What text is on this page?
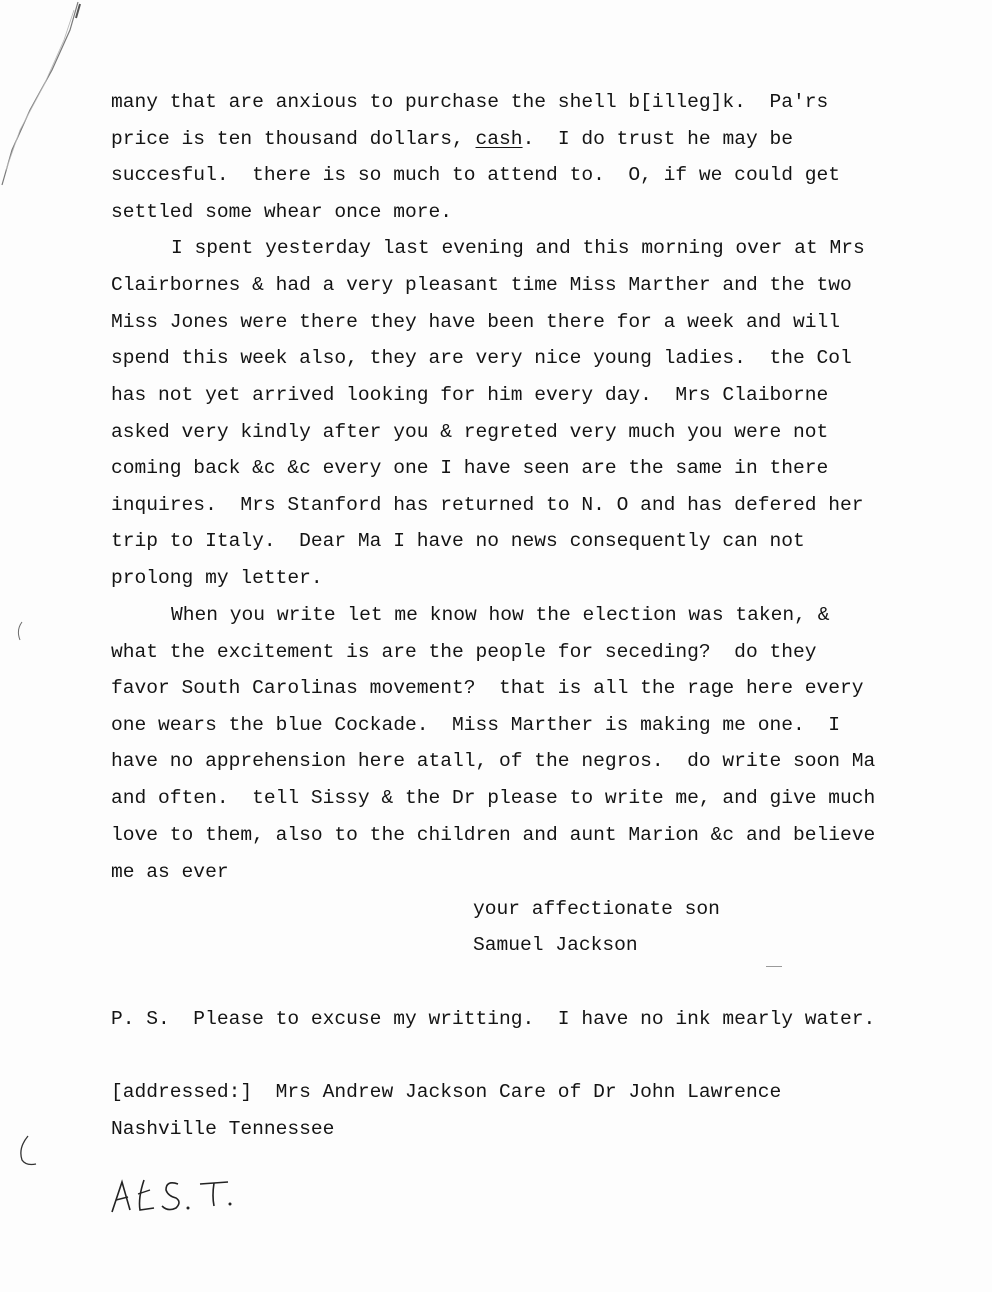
many that are anxious to purchase the shell b[illeg]k.  Pa'rs
price is ten thousand dollars, cash.  I do trust he may be
succesful.  there is so much to attend to.  O, if we could get
settled some whear once more.
I spent yesterday last evening and this morning over at Mrs
Clairbornes & had a very pleasant time Miss Marther and the two
Miss Jones were there they have been there for a week and will
spend this week also, they are very nice young ladies.  the Col
has not yet arrived looking for him every day.  Mrs Claiborne
asked very kindly after you & regreted very much you were not
coming back &c &c every one I have seen are the same in there
inquires.  Mrs Stanford has returned to N. O and has defered her
trip to Italy.  Dear Ma I have no news consequently can not
prolong my letter.
When you write let me know how the election was taken, &
what the excitement is are the people for seceding?  do they
favor South Carolinas movement?  that is all the rage here every
one wears the blue Cockade.  Miss Marther is making me one.  I
have no apprehension here atall, of the negros.  do write soon Ma
and often.  tell Sissy & the Dr please to write me, and give much
love to them, also to the children and aunt Marion &c and believe
me as ever
your affectionate son
Samuel Jackson
P. S.  Please to excuse my writting.  I have no ink mearly water.
[addressed:]  Mrs Andrew Jackson Care of Dr John Lawrence
Nashville Tennessee
